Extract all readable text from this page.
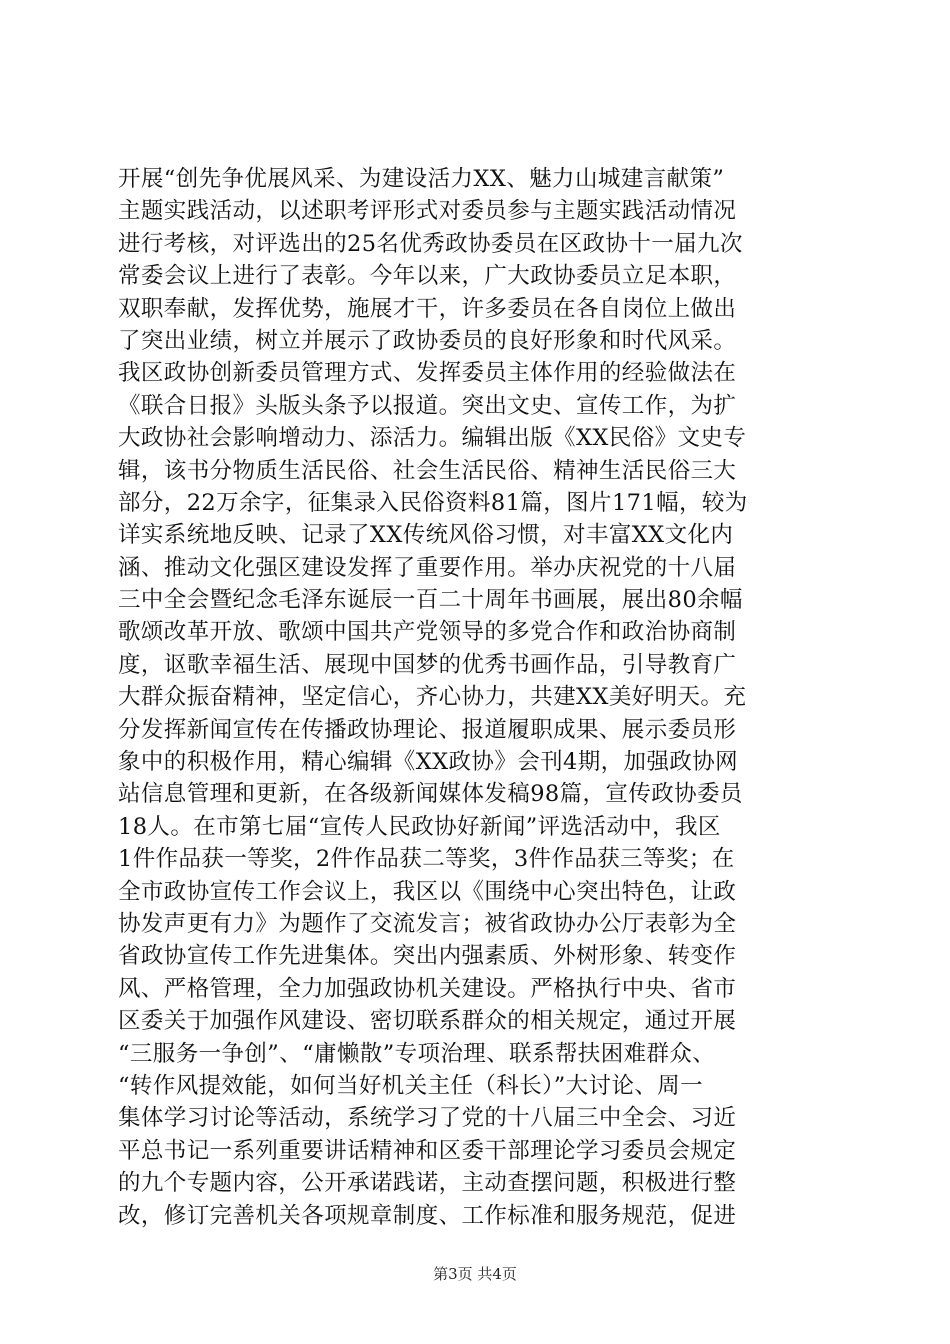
开展“创先争优展风采、为建设活力XX、魅力山城建言献策”
主题实践活动，以述职考评形式对委员参与主题实践活动情况
进行考核，对评选出的25名优秀政协委员在区政协十一届九次
常委会议上进行了表彰。今年以来，广大政协委员立足本职，
双职奉献，发挥优势，施展才干，许多委员在各自岗位上做出
了突出业绩，树立并展示了政协委员的良好形象和时代风采。
我区政协创新委员管理方式、发挥委员主体作用的经验做法在
《联合日报》头版头条予以报道。突出文史、宣传工作，为扩
大政协社会影响增动力、添活力。编辑出版《XX民俗》文史专
辑，该书分物质生活民俗、社会生活民俗、精神生活民俗三大
部分，22万余字，征集录入民俗资料81篇，图片171幅，较为
详实系统地反映、记录了XX传统风俗习惯，对丰富XX文化内
涵、推动文化强区建设发挥了重要作用。举办庆祝党的十八届
三中全会暨纪念毛泽东诞辰一百二十周年书画展，展出80余幅
歌颂改革开放、歌颂中国共产党领导的多党合作和政治协商制
度，讴歌幸福生活、展现中国梦的优秀书画作品，引导教育广
大群众振奋精神，坚定信心，齐心协力，共建XX美好明天。充
分发挥新闻宣传在传播政协理论、报道履职成果、展示委员形
象中的积极作用，精心编辑《XX政协》会刊4期，加强政协网
站信息管理和更新，在各级新闻媒体发稿98篇，宣传政协委员
18人。在市第七届“宣传人民政协好新闻”评选活动中，我区
1件作品获一等奖，2件作品获二等奖，3件作品获三等奖；在
全市政协宣传工作会议上，我区以《围绕中心突出特色，让政
协发声更有力》为题作了交流发言；被省政协办公厅表彰为全
省政协宣传工作先进集体。突出内强素质、外树形象、转变作
风、严格管理，全力加强政协机关建设。严格执行中央、省市
区委关于加强作风建设、密切联系群众的相关规定，通过开展
“三服务一争创”、“庸懒散”专项治理、联系帮扶困难群众、
“转作风提效能，如何当好机关主任（科长）”大讨论、周一
集体学习讨论等活动，系统学习了党的十八届三中全会、习近
平总书记一系列重要讲话精神和区委干部理论学习委员会规定
的九个专题内容，公开承诺践诺，主动查摆问题，积极进行整
改，修订完善机关各项规章制度、工作标准和服务规范，促进
第3页 共4页
